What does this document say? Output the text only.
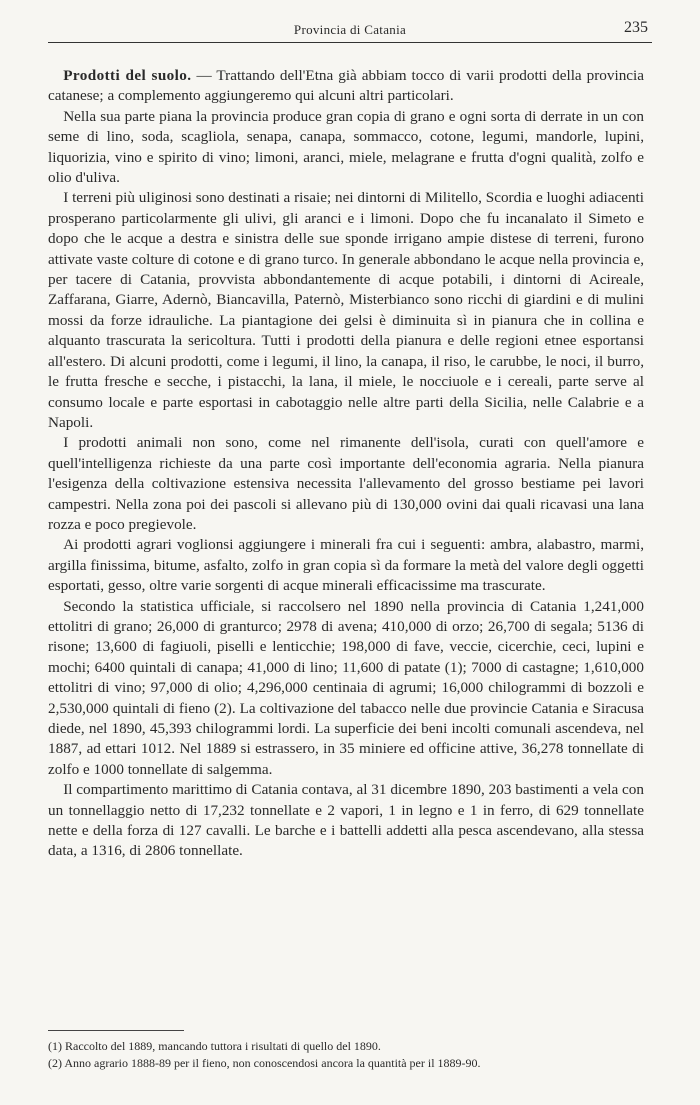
Provincia di Catania	235

 Prodotti del suolo. — Trattando dell'Etna già abbiam tocco di varii prodotti della provincia catanese; a complemento aggiungeremo qui alcuni altri particolari.

 Nella sua parte piana la provincia produce gran copia di grano e ogni sorta di derrate in un con seme di lino, soda, scagliola, senapa, canapa, sommacco, cotone, legumi, mandorle, lupini, liquorizia, vino e spirito di vino; limoni, aranci, miele, melagrane e frutta d'ogni qualità, zolfo e olio d'uliva.

 I terreni più uliginosi sono destinati a risaie; nei dintorni di Militello, Scordia e luoghi adiacenti prosperano particolarmente gli ulivi, gli aranci e i limoni. Dopo che fu incanalato il Simeto e dopo che le acque a destra e sinistra delle sue sponde irrigano ampie distese di terreni, furono attivate vaste colture di cotone e di grano turco. In generale abbondano le acque nella provincia e, per tacere di Catania, provvista abbondantemente di acque potabili, i dintorni di Acireale, Zaffarana, Giarre, Adernò, Biancavilla, Paternò, Misterbianco sono ricchi di giardini e di mulini mossi da forze idrauliche. La piantagione dei gelsi è diminuita sì in pianura che in collina e alquanto trascurata la sericoltura. Tutti i prodotti della pianura e delle regioni etnee esportansi all'estero. Di alcuni prodotti, come i legumi, il lino, la canapa, il riso, le carubbe, le noci, il burro, le frutta fresche e secche, i pistacchi, la lana, il miele, le nocciuole e i cereali, parte serve al consumo locale e parte esportasi in cabotaggio nelle altre parti della Sicilia, nelle Calabrie e a Napoli.

 I prodotti animali non sono, come nel rimanente dell'isola, curati con quell'amore e quell'intelligenza richieste da una parte così importante dell'economia agraria. Nella pianura l'esigenza della coltivazione estensiva necessita l'allevamento del grosso bestiame pei lavori campestri. Nella zona poi dei pascoli si allevano più di 130,000 ovini dai quali ricavasi una lana rozza e poco pregievole.

 Ai prodotti agrari voglionsi aggiungere i minerali fra cui i seguenti: ambra, alabastro, marmi, argilla finissima, bitume, asfalto, zolfo in gran copia sì da formare la metà del valore degli oggetti esportati, gesso, oltre varie sorgenti di acque minerali efficacissime ma trascurate.

 Secondo la statistica ufficiale, si raccolsero nel 1890 nella provincia di Catania 1,241,000 ettolitri di grano; 26,000 di granturco; 2978 di avena; 410,000 di orzo; 26,700 di segala; 5136 di risone; 13,600 di fagiuoli, piselli e lenticchie; 198,000 di fave, veccie, cicerchie, ceci, lupini e mochi; 6400 quintali di canapa; 41,000 di lino; 11,600 di patate (1); 7000 di castagne; 1,610,000 ettolitri di vino; 97,000 di olio; 4,296,000 centinaia di agrumi; 16,000 chilogrammi di bozzoli e 2,530,000 quintali di fieno (2). La coltivazione del tabacco nelle due provincie Catania e Siracusa diede, nel 1890, 45,393 chilogrammi lordi. La superficie dei beni incolti comunali ascendeva, nel 1887, ad ettari 1012. Nel 1889 si estrassero, in 35 miniere ed officine attive, 36,278 tonnellate di zolfo e 1000 tonnellate di salgemma.

 Il compartimento marittimo di Catania contava, al 31 dicembre 1890, 203 bastimenti a vela con un tonnellaggio netto di 17,232 tonnellate e 2 vapori, 1 in legno e 1 in ferro, di 629 tonnellate nette e della forza di 127 cavalli. Le barche e i battelli addetti alla pesca ascendevano, alla stessa data, a 1316, di 2806 tonnellate.

(1) Raccolto del 1889, mancando tuttora i risultati di quello del 1890.

(2) Anno agrario 1888-89 per il fieno, non conoscendosi ancora la quantità per il 1889-90.
